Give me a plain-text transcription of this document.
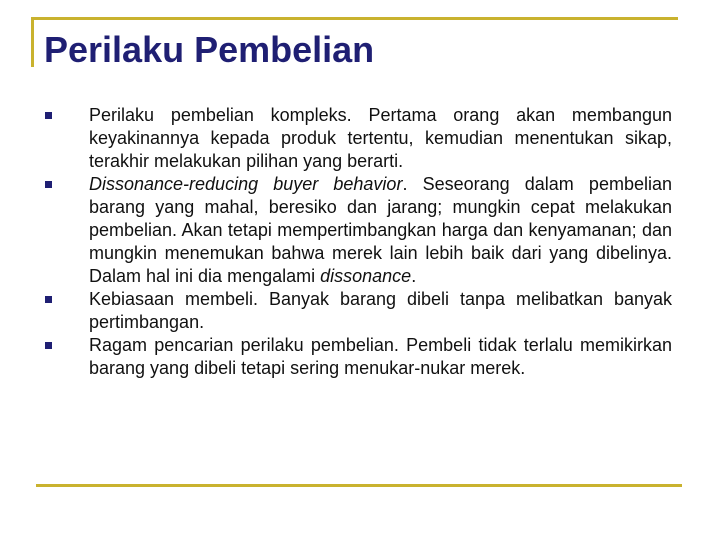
Perilaku Pembelian
Perilaku pembelian kompleks. Pertama orang akan membangun keyakinannya kepada produk tertentu, kemudian menentukan sikap, terakhir melakukan pilihan yang berarti.
Dissonance-reducing buyer behavior. Seseorang dalam pembelian barang yang mahal, beresiko dan jarang; mungkin cepat melakukan pembelian. Akan tetapi mempertimbangkan harga dan kenyamanan; dan mungkin menemukan bahwa merek lain lebih baik dari yang dibelinya. Dalam hal ini dia mengalami dissonance.
Kebiasaan membeli. Banyak barang dibeli tanpa melibatkan banyak pertimbangan.
Ragam pencarian perilaku pembelian. Pembeli tidak terlalu memikirkan barang yang dibeli tetapi sering menukar-nukar merek.
